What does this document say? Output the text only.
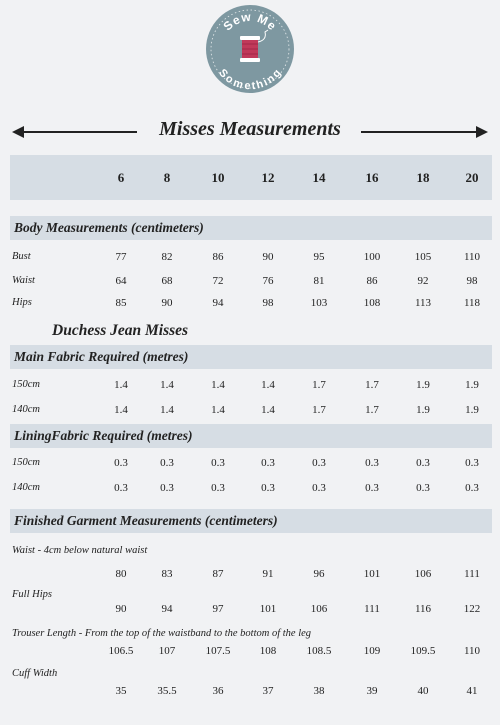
Sew Me
Something
Misses Measurements
6	8	10	12	14	16	18	20
Body Measurements (centimeters)
Bust	77	82	86	90	95	100	105	110
Waist	64	68	72	76	81	86	92	98
Hips	85	90	94	98	103	108	113	118
Duchess Jean Misses
Main Fabric Required (metres)
150cm	1.4	1.4	1.4	1.4	1.7	1.7	1.9	1.9
140cm	1.4	1.4	1.4	1.4	1.7	1.7	1.9	1.9
LiningFabric Required (metres)
150cm	0.3	0.3	0.3	0.3	0.3	0.3	0.3	0.3
140cm	0.3	0.3	0.3	0.3	0.3	0.3	0.3	0.3
Finished Garment Measurements (centimeters)
Waist - 4cm below natural waist
80	83	87	91	96	101	106	111
Full Hips
90	94	97	101	106	111	116	122
Trouser Length - From the top of the waistband to the bottom of the leg
106.5	107	107.5	108	108.5	109	109.5	110
Cuff Width
35	35.5	36	37	38	39	40	41
